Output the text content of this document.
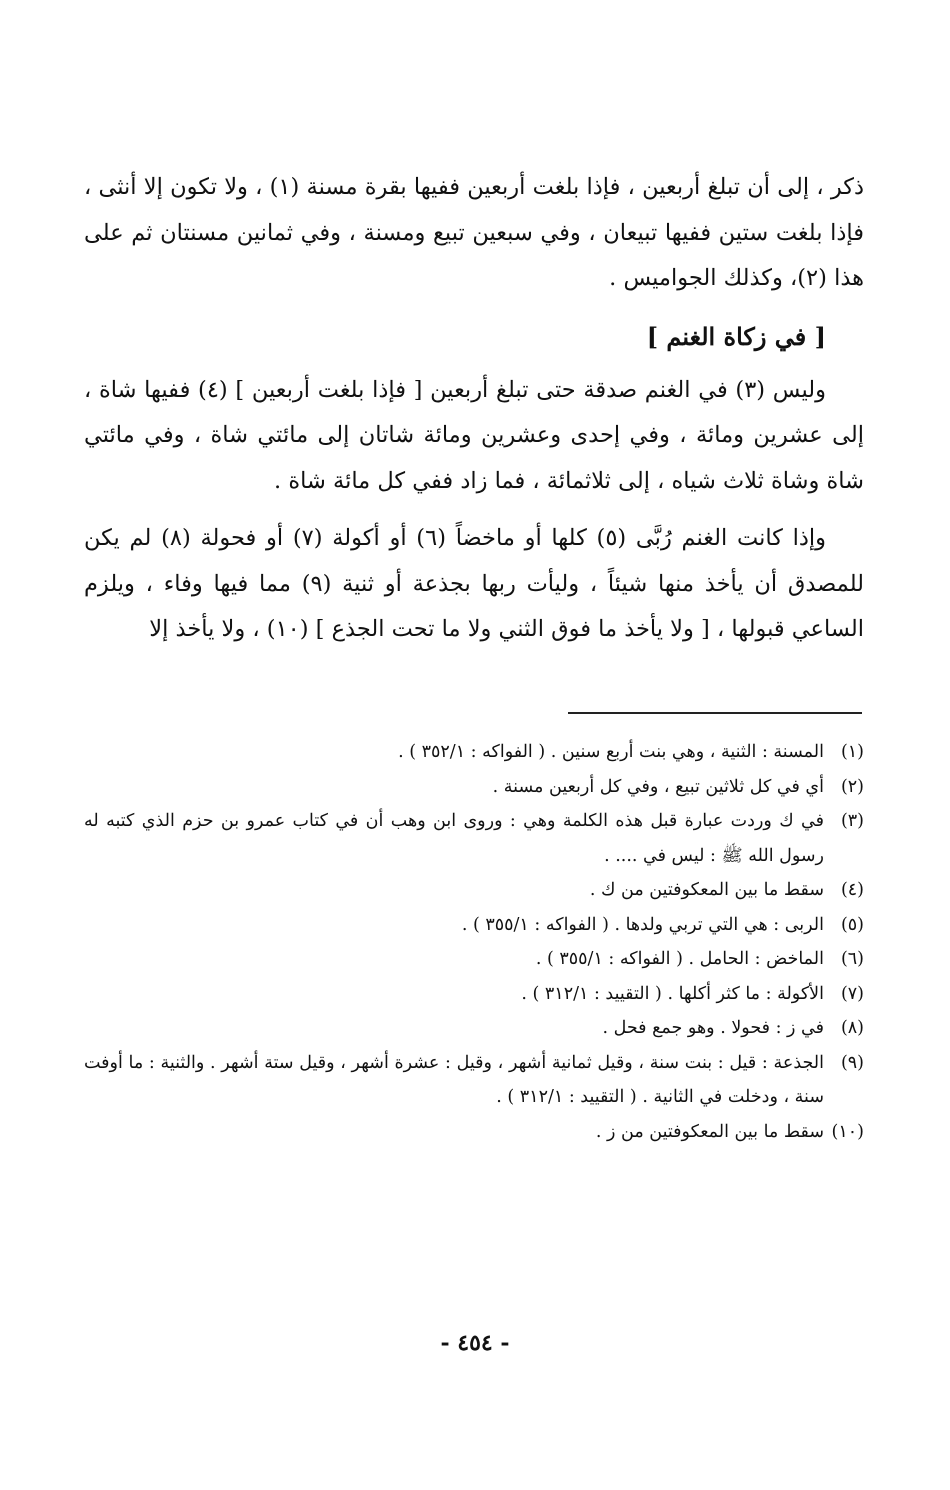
ذكر ، إلى أن تبلغ أربعين ، فإذا بلغت أربعين ففيها بقرة مسنة (١) ، ولا تكون إلا أنثى ، فإذا بلغت ستين ففيها تبيعان ، وفي سبعين تبيع ومسنة ، وفي ثمانين مسنتان ثم على هذا (٢)، وكذلك الجواميس .

[ في زكاة الغنم ]

وليس (٣) في الغنم صدقة حتى تبلغ أربعين [ فإذا بلغت أربعين ] (٤) ففيها شاة ، إلى عشرين ومائة ، وفي إحدى وعشرين ومائة شاتان إلى مائتي شاة ، وفي مائتي شاة وشاة ثلاث شياه ، إلى ثلاثمائة ، فما زاد ففي كل مائة شاة .

وإذا كانت الغنم رُبَّى (٥) كلها أو ماخضاً (٦) أو أكولة (٧) أو فحولة (٨) لم يكن للمصدق أن يأخذ منها شيئاً ، وليأت ربها بجذعة أو ثنية (٩) مما فيها وفاء ، ويلزم الساعي قبولها ، [ ولا يأخذ ما فوق الثني ولا ما تحت الجذع ] (١٠) ، ولا يأخذ إلا

(١)
المسنة : الثنية ، وهي بنت أربع سنين . ( الفواكه : ٣٥٢/١ ) .
(٢)
أي في كل ثلاثين تبيع ، وفي كل أربعين مسنة .
(٣)
في ك وردت عبارة قبل هذه الكلمة وهي : وروى ابن وهب أن في كتاب عمرو بن حزم الذي كتبه له رسول الله ﷺ : ليس في .... .
(٤)
سقط ما بين المعكوفتين من ك .
(٥)
الربى : هي التي تربي ولدها . ( الفواكه : ٣٥٥/١ ) .
(٦)
الماخض : الحامل . ( الفواكه : ٣٥٥/١ ) .
(٧)
الأكولة : ما كثر أكلها . ( التقييد : ٣١٢/١ ) .
(٨)
في ز : فحولا . وهو جمع فحل .
(٩)
الجذعة : قيل : بنت سنة ، وقيل ثمانية أشهر ، وقيل : عشرة أشهر ، وقيل ستة أشهر . والثنية : ما أوفت سنة ، ودخلت في الثانية . ( التقييد : ٣١٢/١ ) .
(١٠)
سقط ما بين المعكوفتين من ز .
- ٤٥٤ -
